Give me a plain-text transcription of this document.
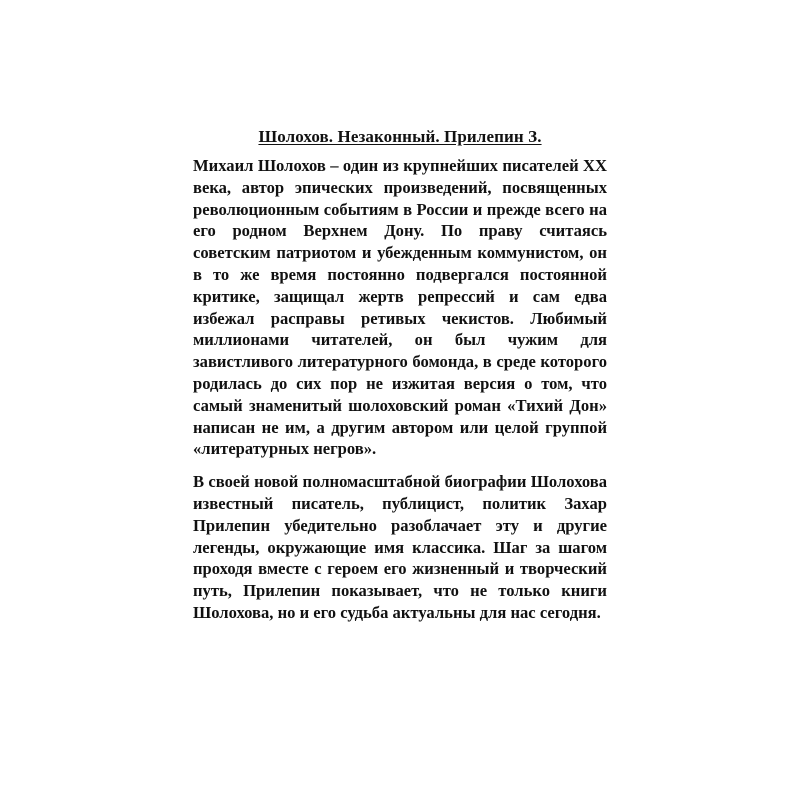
Шолохов. Незаконный. Прилепин З.

Михаил Шолохов – один из крупнейших писателей XX века, автор эпических произведений, посвященных революционным событиям в России и прежде всего на его родном Верхнем Дону. По праву считаясь советским патриотом и убежденным коммунистом, он в то же время постоянно подвергался постоянной критике, защищал жертв репрессий и сам едва избежал расправы ретивых чекистов. Любимый миллионами читателей, он был чужим для завистливого литературного бомонда, в среде которого родилась до сих пор не изжитая версия о том, что самый знаменитый шолоховский роман «Тихий Дон» написан не им, а другим автором или целой группой «литературных негров».

В своей новой полномасштабной биографии Шолохова известный писатель, публицист, политик Захар Прилепин убедительно разоблачает эту и другие легенды, окружающие имя классика. Шаг за шагом проходя вместе с героем его жизненный и творческий путь, Прилепин показывает, что не только книги Шолохова, но и его судьба актуальны для нас сегодня.
